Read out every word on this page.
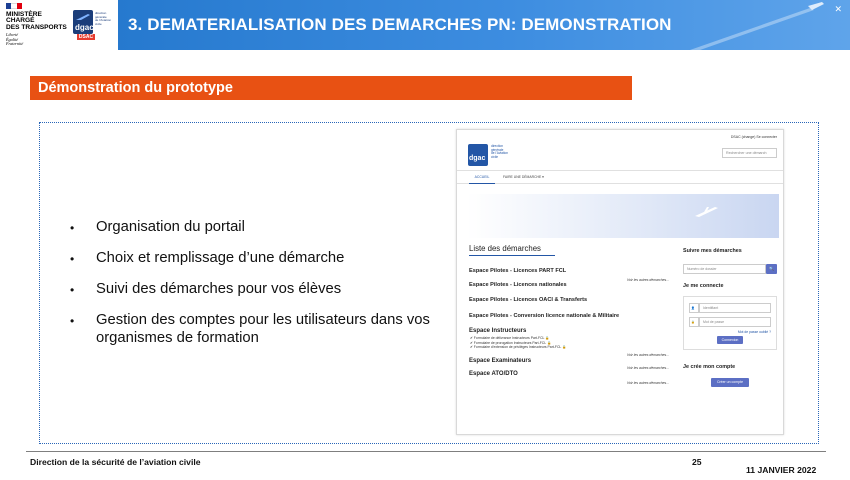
MINISTÈRE
CHARGÉ
DES TRANSPORTS
Liberté
Égalité
Fraternité
dgac
direction
générale
de l'Aviation
civile
DSAC
3. DEMATERIALISATION DES DEMARCHES PN: DEMONSTRATION
✕
Démonstration du prototype
•	Organisation du portail
•	Choix et remplissage d’une démarche
•	Suivi des démarches pour vos élèves
•	Gestion des comptes pour les utilisateurs dans vos organismes de formation
DSAC (change) Se connecter
dgac
direction
générale
de l'Aviation
civile
Rechercher une démarch
ACCUEIL	FAIRE UNE DÉMARCHE ▾
Liste des démarches
Espace Pilotes - Licences PART FCL
Voir les autres démarches...
Espace Pilotes - Licences nationales
Espace Pilotes - Licences OACI & Transferts
Espace Pilotes - Conversion licence nationale & Militaire
Espace Instructeurs
✔ Formulaire de délivrance Instructeurs Part-FCL 🔒
✔ Formulaire de prorogation Instructeurs Part-FCL 🔒
✔ Formulaire d'extension de privilèges Instructeurs Part-FCL 🔒
Voir les autres démarches...
Espace Examinateurs
Voir les autres démarches...
Espace ATO/DTO
Voir les autres démarches...
Suivre mes démarches
Numéro de dossier	🔍
Je me connecte
👤	Identifiant
🔒	Mot de passe
Mot de passe oublié ?
Connexion
Je crée mon compte
Créer un compte
Direction de la sécurité de l’aviation civile	25
11 JANVIER 2022
